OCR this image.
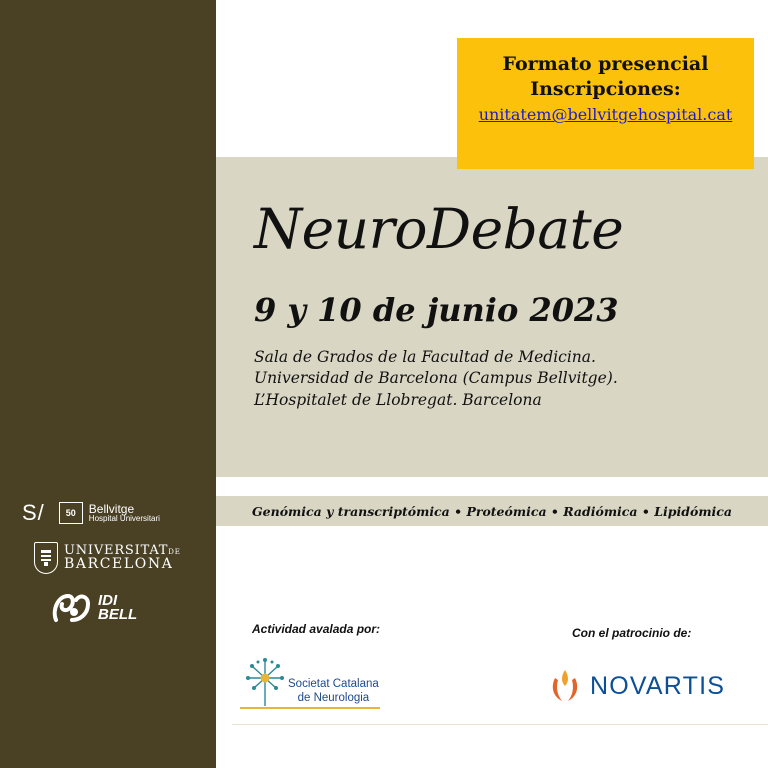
S/	50	Bellvitge
Hospital Universitari
UNIVERSITATDE
BARCELONA
IDI
BELL
Formato presencial
Inscripciones:
unitatem@bellvitgehospital.cat
NeuroDebate
9 y 10 de junio 2023
Sala de Grados de la Facultad de Medicina.
Universidad de Barcelona (Campus Bellvitge).
L’Hospitalet de Llobregat. Barcelona
Genómica y transcriptómica • Proteómica • Radiómica • Lipidómica
Actividad avalada por:	Con el patrocinio de:
Societat Catalana
de Neurologia	NOVARTIS
